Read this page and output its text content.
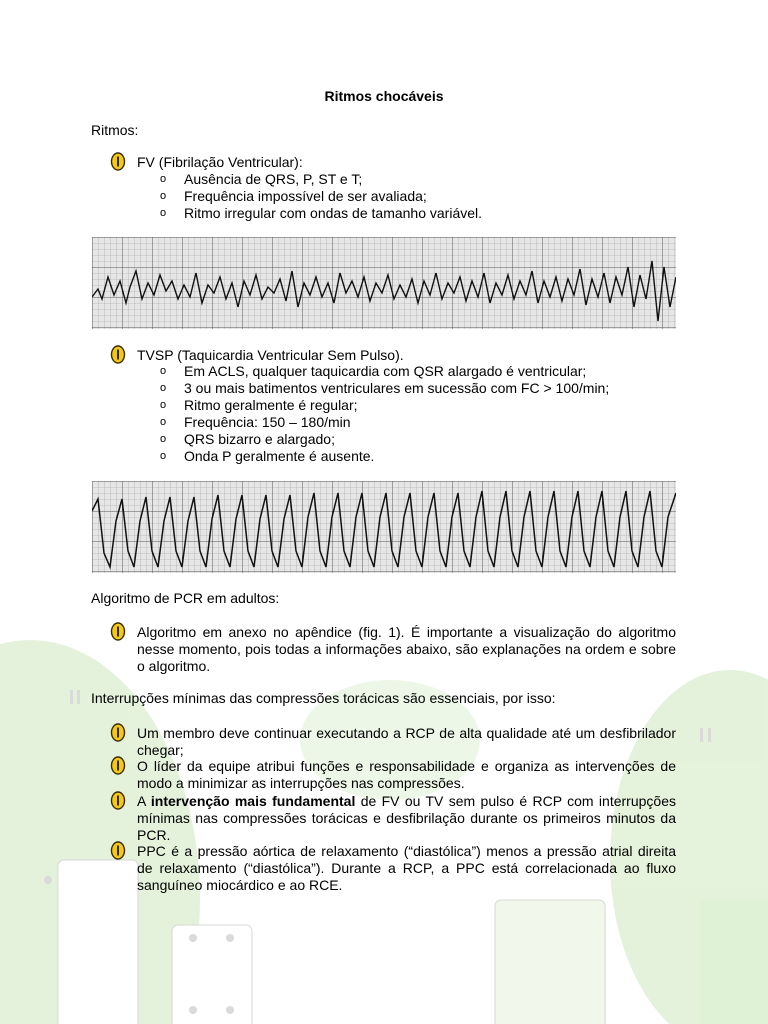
Ritmos chocáveis
Ritmos:
FV (Fibrilação Ventricular):
o Ausência de QRS, P, ST e T;
o Frequência impossível de ser avaliada;
o Ritmo irregular com ondas de tamanho variável.
TVSP (Taquicardia Ventricular Sem Pulso).
o Em ACLS, qualquer taquicardia com QSR alargado é ventricular;
o 3 ou mais batimentos ventriculares em sucessão com FC > 100/min;
o Ritmo geralmente é regular;
o Frequência: 150 – 180/min
o QRS bizarro e alargado;
o Onda P geralmente é ausente.
Algoritmo de PCR em adultos:
Algoritmo em anexo no apêndice (fig. 1). É importante a visualização do algoritmo nesse momento, pois todas a informações abaixo, são explanações na ordem e sobre o algoritmo.
Interrupções mínimas das compressões torácicas são essenciais, por isso:
Um membro deve continuar executando a RCP de alta qualidade até um desfibrilador chegar;
O líder da equipe atribui funções e responsabilidade e organiza as intervenções de modo a minimizar as interrupções nas compressões.
A intervenção mais fundamental de FV ou TV sem pulso é RCP com interrupções mínimas nas compressões torácicas e desfibrilação durante os primeiros minutos da PCR.
PPC é a pressão aórtica de relaxamento (“diastólica”) menos a pressão atrial direita de relaxamento (“diastólica”). Durante a RCP, a PPC está correlacionada ao fluxo sanguíneo miocárdico e ao RCE.
